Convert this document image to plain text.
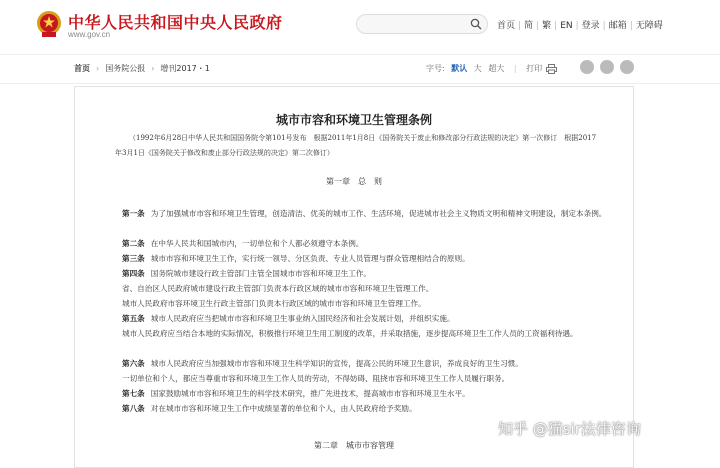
中华人民共和国中央人民政府
www.gov.cn
首页 | 简 | 繁 | EN | 登录 | 邮箱 | 无障碍
首页 › 国务院公报 › 增刊2017・1	字号: 默认 大 超大 | 打印
城市市容和环境卫生管理条例
（1992年6月28日中华人民共和国国务院令第101号发布　根据2011年1月8日《国务院关于废止和修改部分行政法规的决定》第一次修订　根据2017年3月1日《国务院关于修改和废止部分行政法规的决定》第二次修订）
第一章　总　则
第一条 为了加强城市市容和环境卫生管理，创造清洁、优美的城市工作、生活环境，促进城市社会主义物质文明和精神文明建设，制定本条例。
第二条 在中华人民共和国城市内，一切单位和个人都必须遵守本条例。
第三条 城市市容和环境卫生工作，实行统一领导、分区负责、专业人员管理与群众管理相结合的原则。
第四条 国务院城市建设行政主管部门主管全国城市市容和环境卫生工作。
省、自治区人民政府城市建设行政主管部门负责本行政区域的城市市容和环境卫生管理工作。
城市人民政府市容环境卫生行政主管部门负责本行政区域的城市市容和环境卫生管理工作。
第五条 城市人民政府应当把城市市容和环境卫生事业纳入国民经济和社会发展计划，并组织实施。
城市人民政府应当结合本地的实际情况，积极推行环境卫生用工制度的改革，并采取措施，逐步提高环境卫生工作人员的工资福利待遇。
第六条 城市人民政府应当加强城市市容和环境卫生科学知识的宣传，提高公民的环境卫生意识，养成良好的卫生习惯。
一切单位和个人，都应当尊重市容和环境卫生工作人员的劳动，不得妨碍、阻挠市容和环境卫生工作人员履行职务。
第七条 国家鼓励城市市容和环境卫生的科学技术研究，推广先进技术，提高城市市容和环境卫生水平。
第八条 对在城市市容和环境卫生工作中成绩显著的单位和个人，由人民政府给予奖励。
第二章　城市市容管理
知乎 @猫sir法律咨询
